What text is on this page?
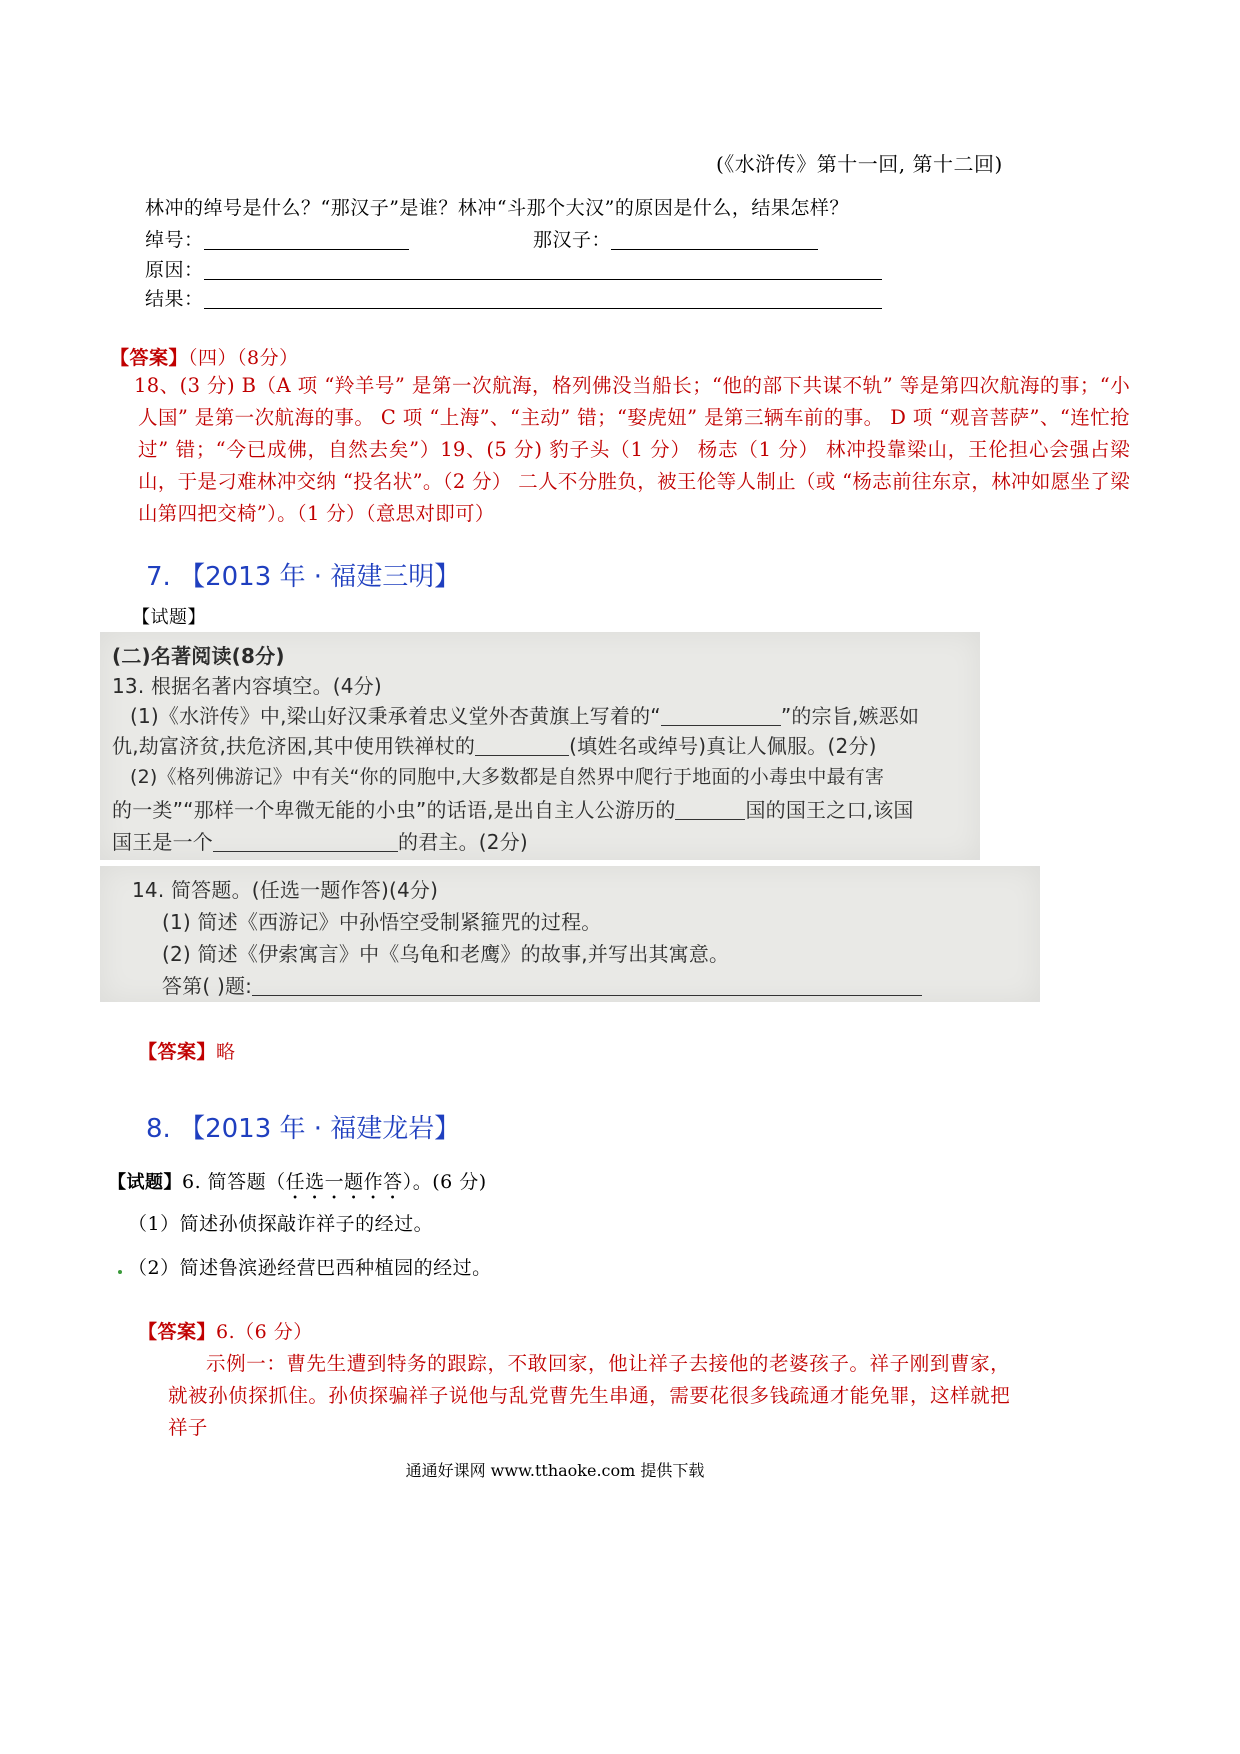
(《水浒传》第十一回, 第十二回)
林冲的绰号是什么？“那汉子”是谁？林冲“斗那个大汉”的原因是什么，结果怎样？
绰号：	那汉子：
原因：
结果：
【答案】（四）（8分）
18、(3 分) B（A 项 “羚羊号” 是第一次航海，格列佛没当船长；“他的部下共谋不轨” 等是第四次航海的事；“小人国” 是第一次航海的事。 C 项 “上海”、“主动” 错；“娶虎妞” 是第三辆车前的事。 D 项 “观音菩萨”、“连忙抢过” 错；“今已成佛，自然去矣”）19、(5 分) 豹子头（1 分） 杨志（1 分） 林冲投靠梁山，王伦担心会强占梁山，于是刁难林冲交纳 “投名状”。（2 分） 二人不分胜负，被王伦等人制止（或 “杨志前往东京，林冲如愿坐了梁山第四把交椅”）。（1 分）（意思对即可）
7. 【2013 年 · 福建三明】
【试题】
(二)名著阅读(8分)
13. 根据名著内容填空。(4分)
(1)《水浒传》中,梁山好汉秉承着忠义堂外杏黄旗上写着的“	”的宗旨,嫉恶如
仇,劫富济贫,扶危济困,其中使用铁禅杖的	(填姓名或绰号)真让人佩服。(2分)
(2)《格列佛游记》中有关“你的同胞中,大多数都是自然界中爬行于地面的小毒虫中最有害
的一类”“那样一个卑微无能的小虫”的话语,是出自主人公游历的	国的国王之口,该国
国王是一个	的君主。(2分)
14. 简答题。(任选一题作答)(4分)
(1) 简述《西游记》中孙悟空受制紧箍咒的过程。
(2) 简述《伊索寓言》中《乌龟和老鹰》的故事,并写出其寓意。
答第( )题:
【答案】略
8. 【2013 年 · 福建龙岩】
【试题】6. 简答题（任选一题作答）。(6 分)
（1）简述孙侦探敲诈祥子的经过。
（2）简述鲁滨逊经营巴西种植园的经过。
【答案】6.（6 分）
示例一：曹先生遭到特务的跟踪，不敢回家，他让祥子去接他的老婆孩子。祥子刚到曹家，就被孙侦探抓住。孙侦探骗祥子说他与乱党曹先生串通，需要花很多钱疏通才能免罪，这样就把祥子
通通好课网 www.tthaoke.com 提供下载
